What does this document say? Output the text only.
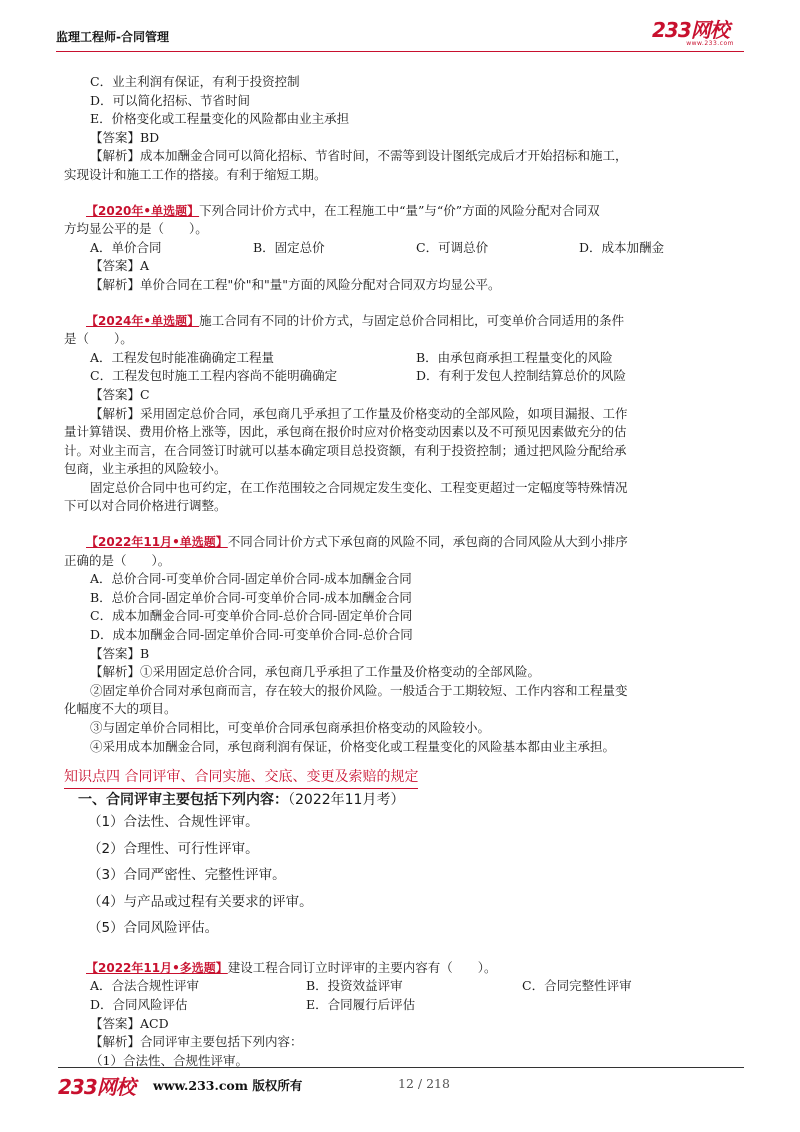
监理工程师-合同管理	233网校
www.233.com
C．业主利润有保证，有利于投资控制
D．可以简化招标、节省时间
E．价格变化或工程量变化的风险都由业主承担
【答案】BD
【解析】成本加酬金合同可以简化招标、节省时间，不需等到设计图纸完成后才开始招标和施工，
实现设计和施工工作的搭接。有利于缩短工期。
【2020年•单选题】下列合同计价方式中，在工程施工中“量”与“价”方面的风险分配对合同双
方均显公平的是（　　）。
A．单价合同	B．固定总价	C．可调总价	D．成本加酬金
【答案】A
【解析】单价合同在工程"价"和"量"方面的风险分配对合同双方均显公平。
【2024年•单选题】施工合同有不同的计价方式，与固定总价合同相比，可变单价合同适用的条件
是（　　）。
A．工程发包时能准确确定工程量	B．由承包商承担工程量变化的风险
C．工程发包时施工工程内容尚不能明确确定	D．有利于发包人控制结算总价的风险
【答案】C
【解析】采用固定总价合同，承包商几乎承担了工作量及价格变动的全部风险，如项目漏报、工作
量计算错误、费用价格上涨等，因此，承包商在报价时应对价格变动因素以及不可预见因素做充分的估
计。对业主而言，在合同签订时就可以基本确定项目总投资额，有利于投资控制；通过把风险分配给承
包商，业主承担的风险较小。
固定总价合同中也可约定，在工作范围较之合同规定发生变化、工程变更超过一定幅度等特殊情况
下可以对合同价格进行调整。
【2022年11月•单选题】不同合同计价方式下承包商的风险不同，承包商的合同风险从大到小排序
正确的是（　　）。
A．总价合同-可变单价合同-固定单价合同-成本加酬金合同
B．总价合同-固定单价合同-可变单价合同-成本加酬金合同
C．成本加酬金合同-可变单价合同-总价合同-固定单价合同
D．成本加酬金合同-固定单价合同-可变单价合同-总价合同
【答案】B
【解析】①采用固定总价合同，承包商几乎承担了工作量及价格变动的全部风险。
②固定单价合同对承包商而言，存在较大的报价风险。一般适合于工期较短、工作内容和工程量变
化幅度不大的项目。
③与固定单价合同相比，可变单价合同承包商承担价格变动的风险较小。
④采用成本加酬金合同，承包商利润有保证，价格变化或工程量变化的风险基本都由业主承担。
知识点四 合同评审、合同实施、交底、变更及索赔的规定
一、合同评审主要包括下列内容：（2022年11月考）
（1）合法性、合规性评审。
（2）合理性、可行性评审。
（3）合同严密性、完整性评审。
（4）与产品或过程有关要求的评审。
（5）合同风险评估。
【2022年11月•多选题】建设工程合同订立时评审的主要内容有（　　）。
A．合法合规性评审	B．投资效益评审	C．合同完整性评审
D．合同风险评估	E．合同履行后评估
【答案】ACD
【解析】合同评审主要包括下列内容：
（1）合法性、合规性评审。
233网校 www.233.com 版权所有	12 / 218
